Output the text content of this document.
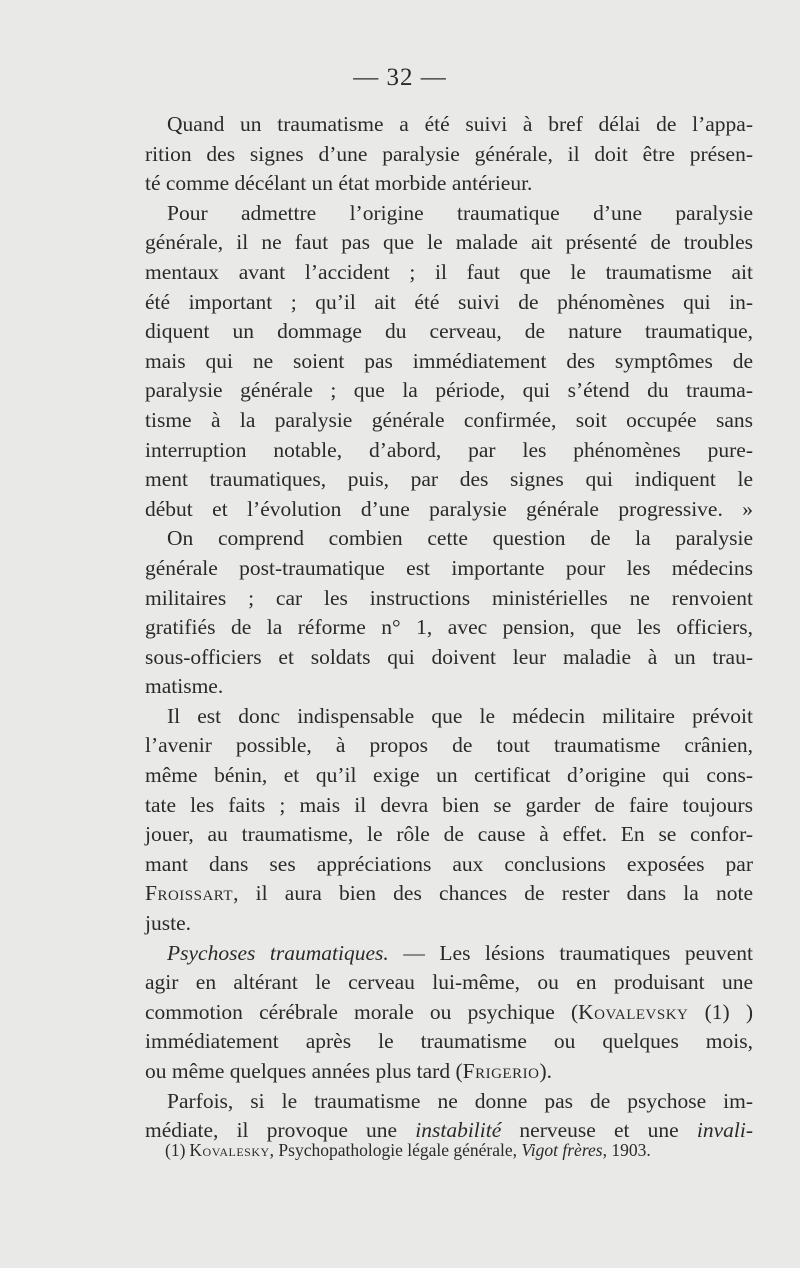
— 32 —
Quand un traumatisme a été suivi à bref délai de l’appa-
rition des signes d’une paralysie générale, il doit être présen-
té comme décélant un état morbide antérieur.
Pour admettre l’origine traumatique d’une paralysie
générale, il ne faut pas que le malade ait présenté de troubles
mentaux avant l’accident ; il faut que le traumatisme ait
été important ; qu’il ait été suivi de phénomènes qui in-
diquent un dommage du cerveau, de nature traumatique,
mais qui ne soient pas immédiatement des symptômes de
paralysie générale ; que la période, qui s’étend du trauma-
tisme à la paralysie générale confirmée, soit occupée sans
interruption notable, d’abord, par les phénomènes pure-
ment traumatiques, puis, par des signes qui indiquent le
début et l’évolution d’une paralysie générale progressive. »
On comprend combien cette question de la paralysie
générale post-traumatique est importante pour les médecins
militaires ; car les instructions ministérielles ne renvoient
gratifiés de la réforme n° 1, avec pension, que les officiers,
sous-officiers et soldats qui doivent leur maladie à un trau-
matisme.
Il est donc indispensable que le médecin militaire prévoit
l’avenir possible, à propos de tout traumatisme crânien,
même bénin, et qu’il exige un certificat d’origine qui cons-
tate les faits ; mais il devra bien se garder de faire toujours
jouer, au traumatisme, le rôle de cause à effet. En se confor-
mant dans ses appréciations aux conclusions exposées par
Froissart, il aura bien des chances de rester dans la note
juste.
Psychoses traumatiques. — Les lésions traumatiques peuvent
agir en altérant le cerveau lui-même, ou en produisant une
commotion cérébrale morale ou psychique (Kovalevsky (1) )
immédiatement après le traumatisme ou quelques mois,
ou même quelques années plus tard (Frigerio).
Parfois, si le traumatisme ne donne pas de psychose im-
médiate, il provoque une instabilité nerveuse et une invali-
(1) Kovalesky, Psychopathologie légale générale, Vigot frères, 1903.
